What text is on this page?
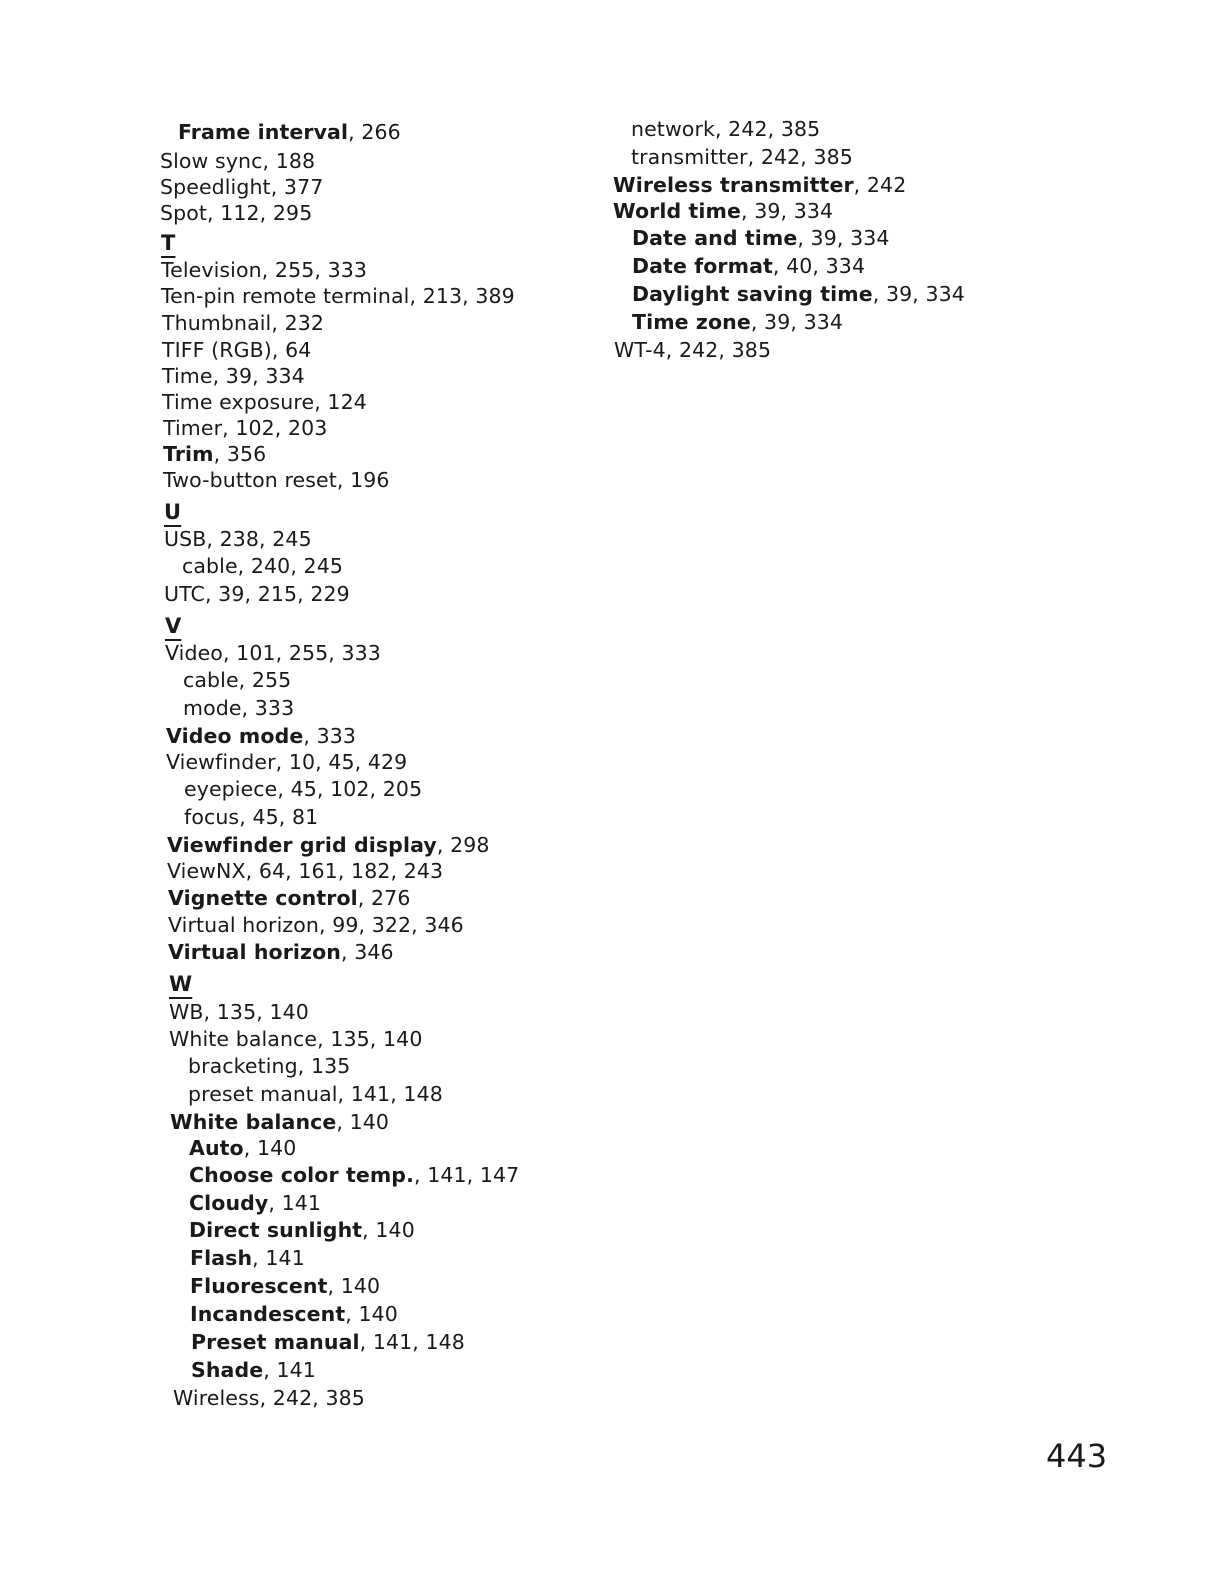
Frame interval, 266
Slow sync, 188
Speedlight, 377
Spot, 112, 295
T
Television, 255, 333
Ten-pin remote terminal, 213, 389
Thumbnail, 232
TIFF (RGB), 64
Time, 39, 334
Time exposure, 124
Timer, 102, 203
Trim, 356
Two-button reset, 196
U
USB, 238, 245
cable, 240, 245
UTC, 39, 215, 229
V
Video, 101, 255, 333
cable, 255
mode, 333
Video mode, 333
Viewfinder, 10, 45, 429
eyepiece, 45, 102, 205
focus, 45, 81
Viewfinder grid display, 298
ViewNX, 64, 161, 182, 243
Vignette control, 276
Virtual horizon, 99, 322, 346
Virtual horizon, 346
W
WB, 135, 140
White balance, 135, 140
bracketing, 135
preset manual, 141, 148
White balance, 140
Auto, 140
Choose color temp., 141, 147
Cloudy, 141
Direct sunlight, 140
Flash, 141
Fluorescent, 140
Incandescent, 140
Preset manual, 141, 148
Shade, 141
Wireless, 242, 385
network, 242, 385
transmitter, 242, 385
Wireless transmitter, 242
World time, 39, 334
Date and time, 39, 334
Date format, 40, 334
Daylight saving time, 39, 334
Time zone, 39, 334
WT-4, 242, 385
443
